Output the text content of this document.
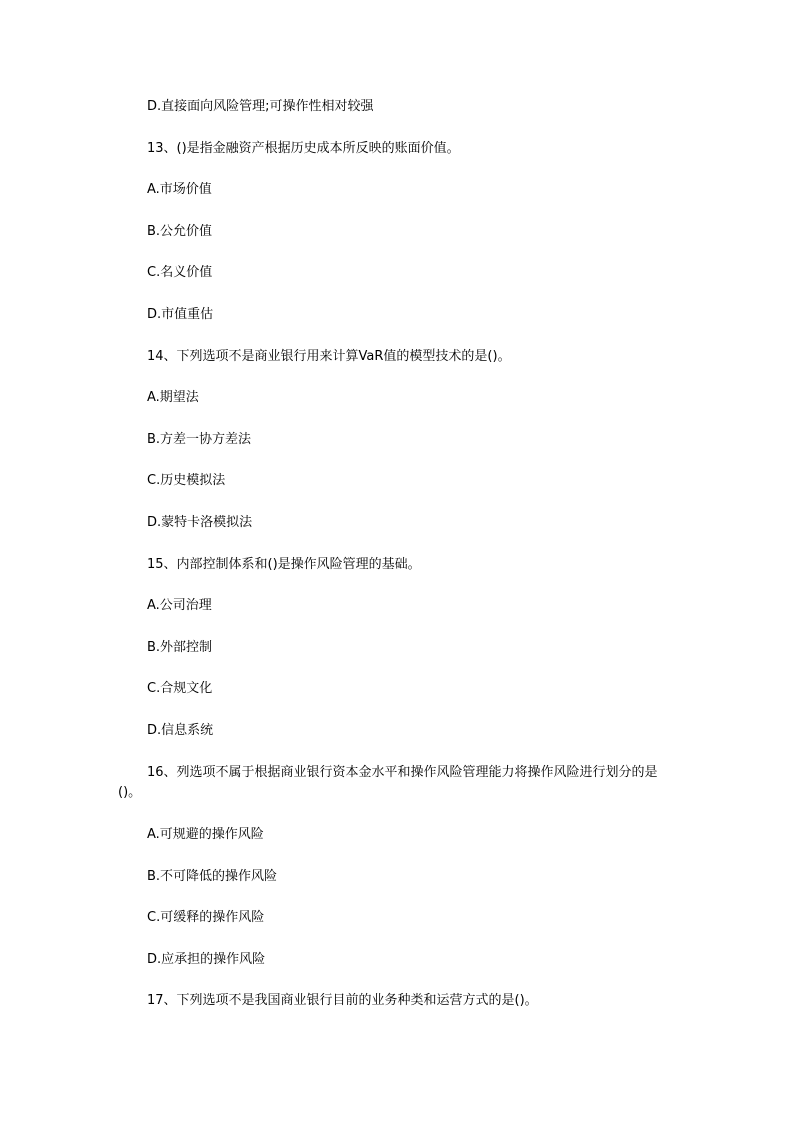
D.直接面向风险管理;可操作性相对较强
13、()是指金融资产根据历史成本所反映的账面价值。
A.市场价值
B.公允价值
C.名义价值
D.市值重估
14、下列选项不是商业银行用来计算VaR值的模型技术的是()。
A.期望法
B.方差一协方差法
C.历史模拟法
D.蒙特卡洛模拟法
15、内部控制体系和()是操作风险管理的基础。
A.公司治理
B.外部控制
C.合规文化
D.信息系统
16、列选项不属于根据商业银行资本金水平和操作风险管理能力将操作风险进行划分的是()。
A.可规避的操作风险
B.不可降低的操作风险
C.可缓释的操作风险
D.应承担的操作风险
17、下列选项不是我国商业银行目前的业务种类和运营方式的是()。
